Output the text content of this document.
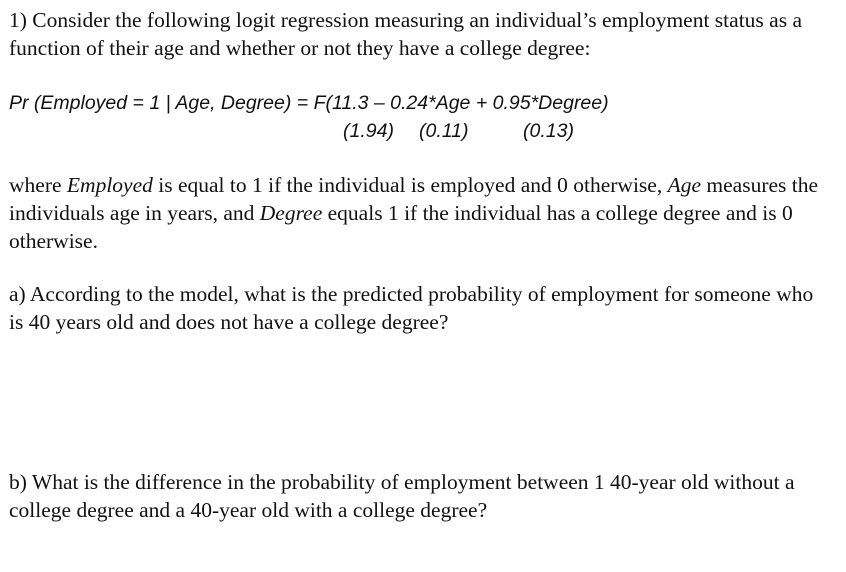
1) Consider the following logit regression measuring an individual’s employment status as a function of their age and whether or not they have a college degree:

Pr (Employed = 1 | Age, Degree) = F(11.3 – 0.24*Age + 0.95*Degree)

(1.94) (0.11)	(0.13)

where Employed is equal to 1 if the individual is employed and 0 otherwise, Age measures the individuals age in years, and Degree equals 1 if the individual has a college degree and is 0 otherwise.

a) According to the model, what is the predicted probability of employment for someone who is 40 years old and does not have a college degree?

b) What is the difference in the probability of employment between 1 40-year old without a college degree and a 40-year old with a college degree?
